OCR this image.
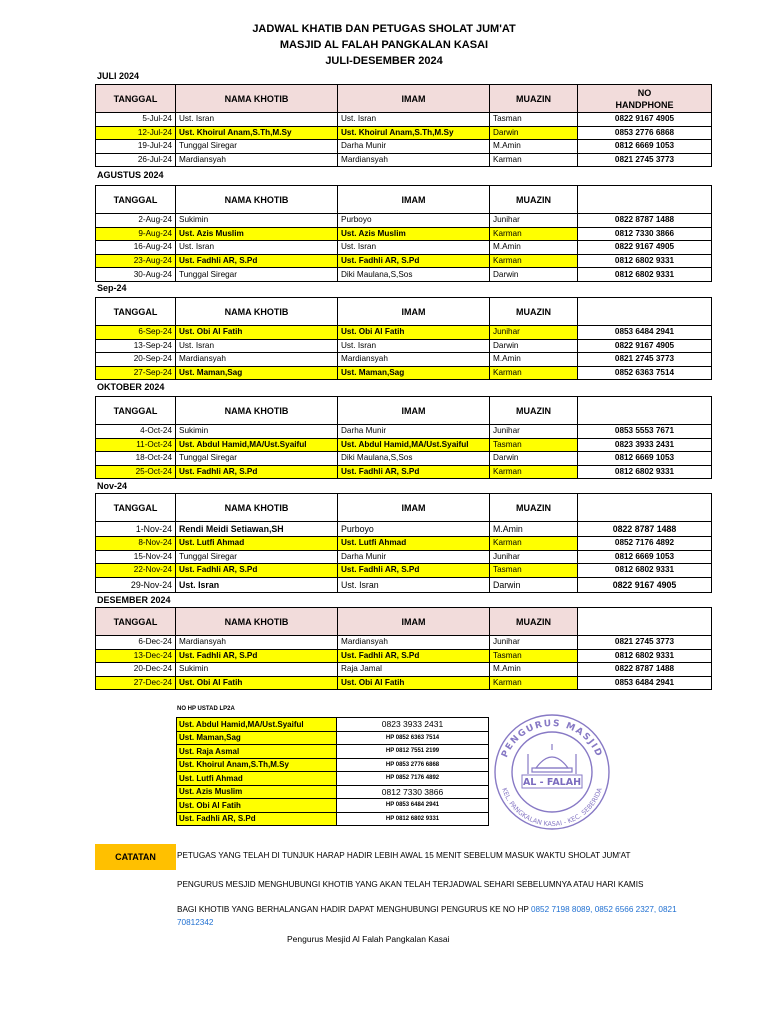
JADWAL KHATIB DAN PETUGAS SHOLAT JUM'AT
MASJID AL FALAH PANGKALAN KASAI
JULI-DESEMBER 2024
JULI 2024
TANGGAL	NAMA KHOTIB	IMAM	MUAZIN	NO
HANDPHONE

5-Jul-24	Ust. Isran	Ust. Isran	Tasman	0822 9167 4905
12-Jul-24	Ust. Khoirul Anam,S.Th,M.Sy	Ust. Khoirul Anam,S.Th,M.Sy	Darwin	0853 2776 6868
19-Jul-24	Tunggal Siregar	Darha Munir	M.Amin	0812 6669 1053
26-Jul-24	Mardiansyah	Mardiansyah	Karman	0821 2745 3773
AGUSTUS 2024
TANGGAL	NAMA KHOTIB	IMAM	MUAZIN	
2-Aug-24	Sukimin	Purboyo	Junihar	0822 8787 1488
9-Aug-24	Ust. Azis Muslim	Ust. Azis Muslim	Karman	0812 7330 3866
16-Aug-24	Ust. Isran	Ust. Isran	M.Amin	0822 9167 4905
23-Aug-24	Ust. Fadhli AR, S.Pd	Ust. Fadhli AR, S.Pd	Karman	0812 6802 9331
30-Aug-24	Tunggal Siregar	Diki Maulana,S,Sos	Darwin	0812 6802 9331
Sep-24
TANGGAL	NAMA KHOTIB	IMAM	MUAZIN	
6-Sep-24	Ust. Obi Al Fatih	Ust. Obi Al Fatih	Junihar	0853 6484 2941
13-Sep-24	Ust. Isran	Ust. Isran	Darwin	0822 9167 4905
20-Sep-24	Mardiansyah	Mardiansyah	M.Amin	0821 2745 3773
27-Sep-24	Ust. Maman,Sag	Ust. Maman,Sag	Karman	0852 6363 7514
OKTOBER 2024
TANGGAL	NAMA KHOTIB	IMAM	MUAZIN	
4-Oct-24	Sukimin	Darha Munir	Junihar	0853 5553 7671
11-Oct-24	Ust. Abdul Hamid,MA/Ust.Syaiful	Ust. Abdul Hamid,MA/Ust.Syaiful	Tasman	0823 3933 2431
18-Oct-24	Tunggal Siregar	Diki Maulana,S,Sos	Darwin	0812 6669 1053
25-Oct-24	Ust. Fadhli AR, S.Pd	Ust. Fadhli AR, S.Pd	Karman	0812 6802 9331
Nov-24
TANGGAL	NAMA KHOTIB	IMAM	MUAZIN	
1-Nov-24	Rendi Meidi Setiawan,SH	Purboyo	M.Amin	0822 8787 1488
8-Nov-24	Ust. Lutfi Ahmad	Ust. Lutfi Ahmad	Karman	0852 7176 4892
15-Nov-24	Tunggal Siregar	Darha Munir	Junihar	0812 6669 1053
22-Nov-24	Ust. Fadhli AR, S.Pd	Ust. Fadhli AR, S.Pd	Tasman	0812 6802 9331
29-Nov-24	Ust. Isran	Ust. Isran	Darwin	0822 9167 4905
DESEMBER 2024
TANGGAL	NAMA KHOTIB	IMAM	MUAZIN	
6-Dec-24	Mardiansyah	Mardiansyah	Junihar	0821 2745 3773
13-Dec-24	Ust. Fadhli AR, S.Pd	Ust. Fadhli AR, S.Pd	Tasman	0812 6802 9331
20-Dec-24	Sukimin	Raja Jamal	M.Amin	0822 8787 1488
27-Dec-24	Ust. Obi Al Fatih	Ust. Obi Al Fatih	Karman	0853 6484 2941
NO HP USTAD LP2A
Ust. Abdul Hamid,MA/Ust.Syaiful	0823 3933 2431
Ust. Maman,Sag	HP 0852 6363 7514
Ust. Raja Asmal	HP 0812 7551 2199
Ust. Khoirul Anam,S.Th,M.Sy	HP 0853 2776 6868
Ust. Lutfi Ahmad	HP 0852 7176 4892
Ust. Azis Muslim	0812 7330 3866
Ust. Obi Al Fatih	HP 0853 6484 2941
Ust. Fadhli AR, S.Pd	HP 0812 6802 9331
PENGURUS MASJID
KEL. PANGKALAN KASAI - KEC. SEBERIDA
AL - FALAH
CATATAN	PETUGAS YANG TELAH DI TUNJUK HARAP HADIR LEBIH AWAL 15 MENIT SEBELUM MASUK WAKTU SHOLAT JUM'AT
PENGURUS MESJID MENGHUBUNGI KHOTIB YANG AKAN TELAH TERJADWAL SEHARI SEBELUMNYA ATAU HARI KAMIS
BAGI KHOTIB YANG BERHALANGAN HADIR DAPAT MENGHUBUNGI PENGURUS KE NO HP 0852 7198 8089, 0852 6566 2327, 0821 70812342
Pengurus Mesjid Al Falah Pangkalan Kasai
